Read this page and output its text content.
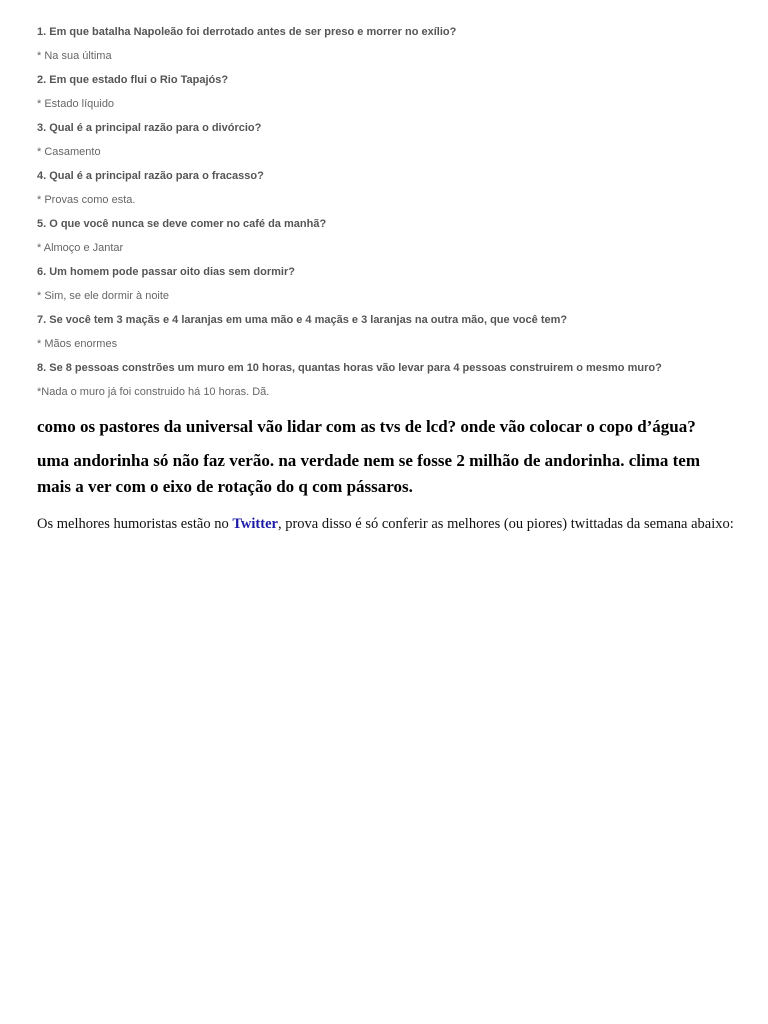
1. Em que batalha Napoleão foi derrotado antes de ser preso e morrer no exílio?
* Na sua última
2. Em que estado flui o Rio Tapajós?
* Estado líquido
3. Qual é a principal razão para o divórcio?
* Casamento
4. Qual é a principal razão para o fracasso?
* Provas como esta.
5. O que você nunca se deve comer no café da manhã?
* Almoço e Jantar
6. Um homem pode passar oito dias sem dormir?
* Sim, se ele dormir à noite
7. Se você tem 3 maçãs e 4 laranjas em uma mão e 4 maçãs e 3 laranjas na outra mão, que você tem?
* Mãos enormes
8. Se 8 pessoas constrões um muro em 10 horas, quantas horas vão levar para 4 pessoas construirem o mesmo muro?
*Nada o muro já foi construido há 10 horas. Dã.

como os pastores da universal vão lidar com as tvs de lcd? onde vão colocar o copo d’água?

uma andorinha só não faz verão. na verdade nem se fosse 2 milhão de andorinha. clima tem mais a ver com o eixo de rotação do q com pássaros.

Os melhores humoristas estão no Twitter, prova disso é só conferir as melhores (ou piores) twittadas da semana abaixo:
